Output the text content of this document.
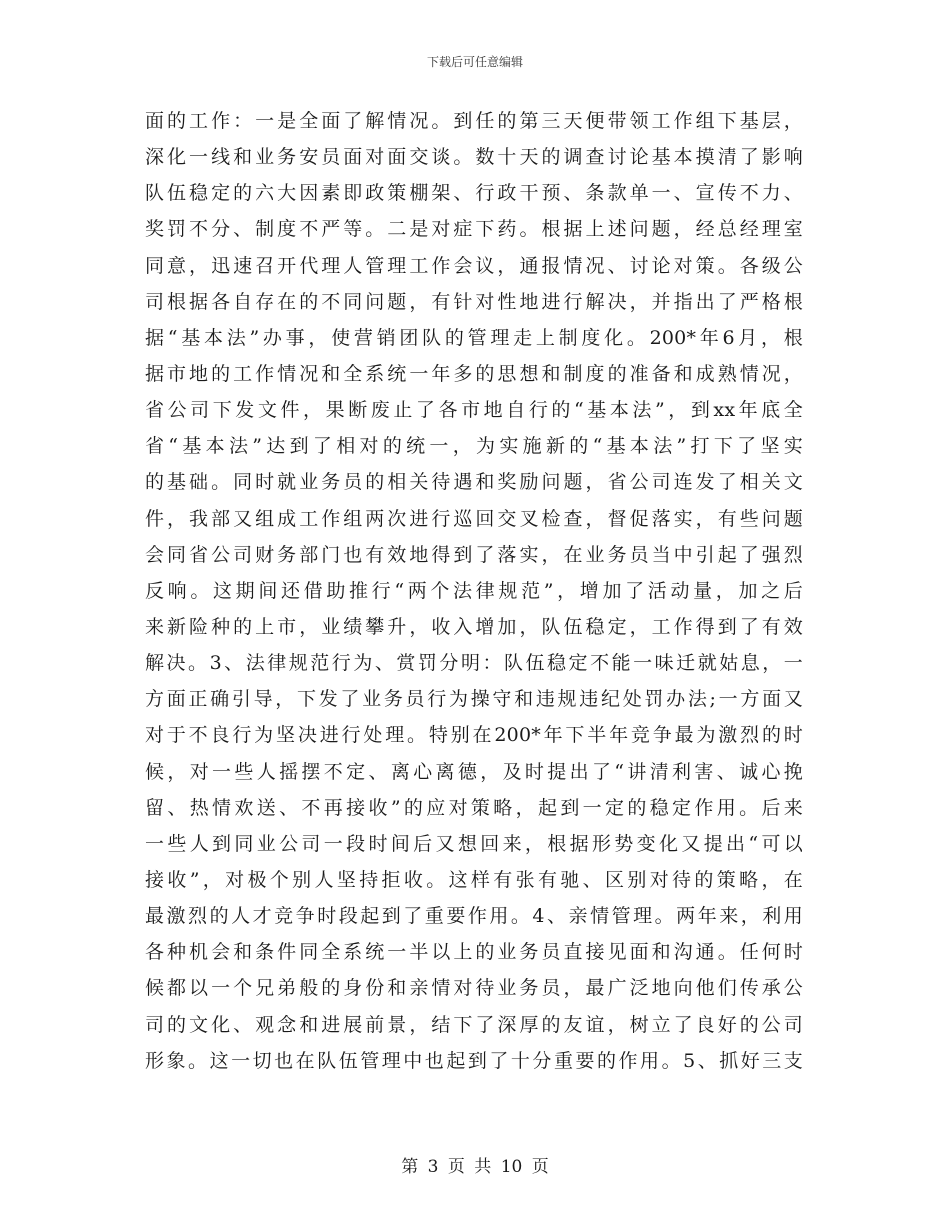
下载后可任意编辑
面的工作：一是全面了解情况。到任的第三天便带领工作组下基层，
深化一线和业务安员面对面交谈。数十天的调查讨论基本摸清了影响
队伍稳定的六大因素即政策棚架、行政干预、条款单一、宣传不力、
奖罚不分、制度不严等。二是对症下药。根据上述问题，经总经理室
同意，迅速召开代理人管理工作会议，通报情况、讨论对策。各级公
司根据各自存在的不同问题，有针对性地进行解决，并指出了严格根
据“基本法”办事，使营销团队的管理走上制度化。200*年6月，根
据市地的工作情况和全系统一年多的思想和制度的准备和成熟情况，
省公司下发文件，果断废止了各市地自行的“基本法”，到xx年底全
省“基本法”达到了相对的统一，为实施新的“基本法”打下了坚实
的基础。同时就业务员的相关待遇和奖励问题，省公司连发了相关文
件，我部又组成工作组两次进行巡回交叉检查，督促落实，有些问题
会同省公司财务部门也有效地得到了落实，在业务员当中引起了强烈
反响。这期间还借助推行“两个法律规范”，增加了活动量，加之后
来新险种的上市，业绩攀升，收入增加，队伍稳定，工作得到了有效
解决。3、法律规范行为、赏罚分明：队伍稳定不能一味迁就姑息，一
方面正确引导，下发了业务员行为操守和违规违纪处罚办法;一方面又
对于不良行为坚决进行处理。特别在200*年下半年竞争最为激烈的时
候，对一些人摇摆不定、离心离德，及时提出了“讲清利害、诚心挽
留、热情欢送、不再接收”的应对策略，起到一定的稳定作用。后来
一些人到同业公司一段时间后又想回来，根据形势变化又提出“可以
接收”，对极个别人坚持拒收。这样有张有驰、区别对待的策略，在
最激烈的人才竞争时段起到了重要作用。4、亲情管理。两年来，利用
各种机会和条件同全系统一半以上的业务员直接见面和沟通。任何时
候都以一个兄弟般的身份和亲情对待业务员，最广泛地向他们传承公
司的文化、观念和进展前景，结下了深厚的友谊，树立了良好的公司
形象。这一切也在队伍管理中也起到了十分重要的作用。5、抓好三支
第 3 页 共 10 页
